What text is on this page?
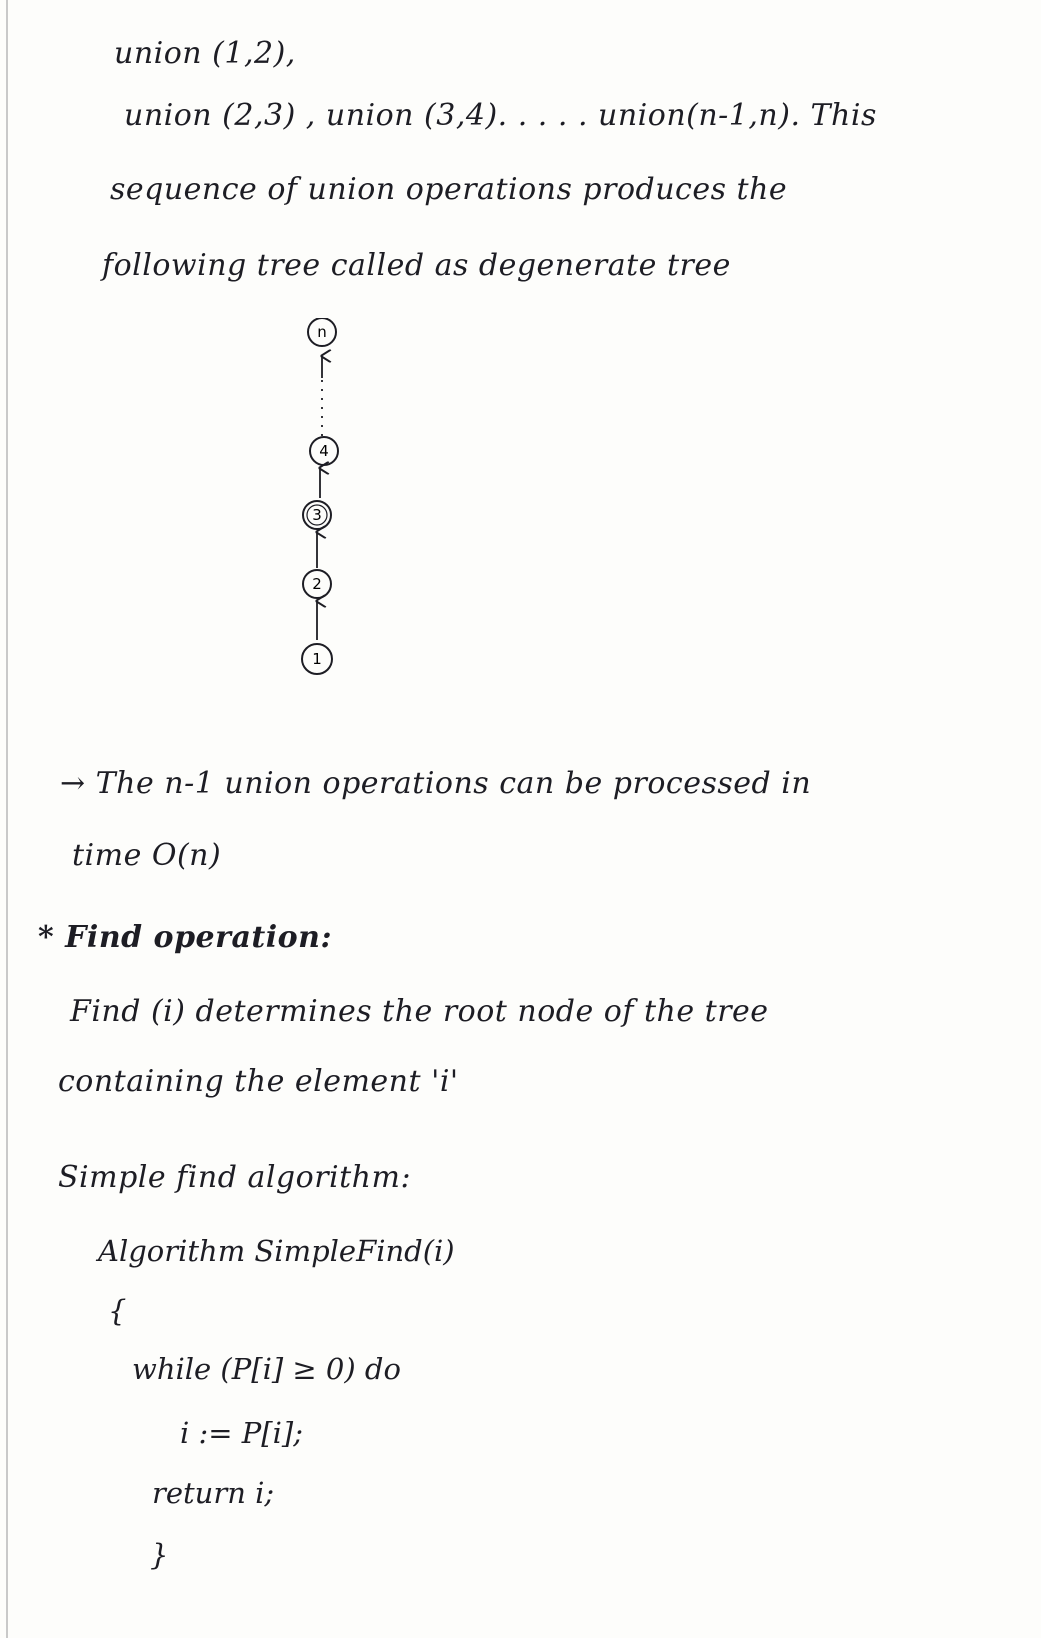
union (1,2),
union (2,3) , union (3,4). . . . . union(n-1,n). This
sequence of union operations produces the
following tree called as degenerate tree
n
4
3
2
1
→ The n-1 union operations can be processed in
time O(n)
* Find operation:
Find (i) determines the root node of the tree
containing the element 'i'
Simple find algorithm:
Algorithm SimpleFind(i)
{
while (P[i] ≥ 0) do
i := P[i];
return i;
}
